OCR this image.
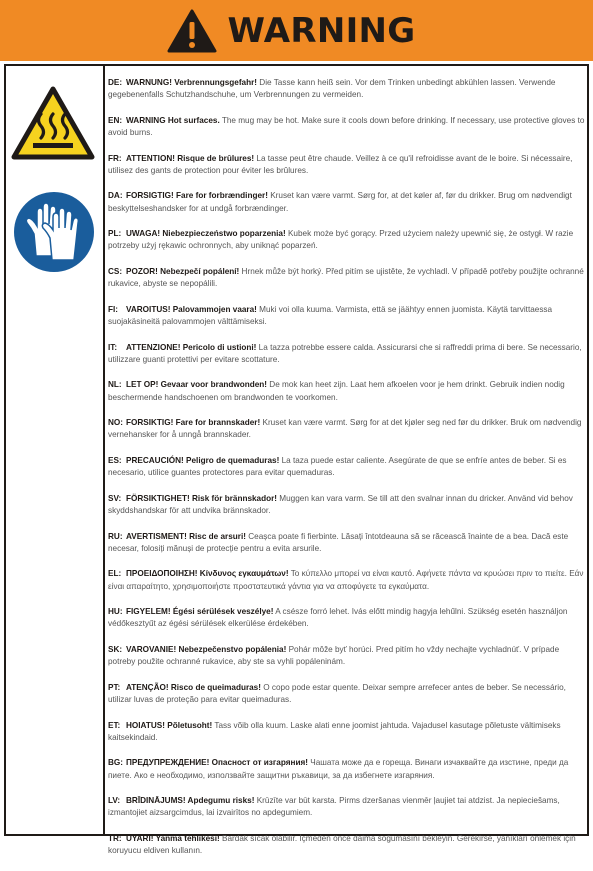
WARNING
DE: WARNUNG! Verbrennungsgefahr! Die Tasse kann heiß sein. Vor dem Trinken unbedingt abkühlen lassen. Verwende gegebenenfalls Schutzhandschuhe, um Verbrennungen zu vermeiden.
EN: WARNING Hot surfaces. The mug may be hot. Make sure it cools down before drinking. If necessary, use protective gloves to avoid burns.
FR: ATTENTION! Risque de brûlures! La tasse peut être chaude. Veillez à ce qu'il refroidisse avant de le boire. Si nécessaire, utilisez des gants de protection pour éviter les brûlures.
DA: FORSIGTIG! Fare for forbrændinger! Kruset kan være varmt. Sørg for, at det køler af, før du drikker. Brug om nødvendigt beskyttelseshandsker for at undgå forbrændinger.
PL: UWAGA! Niebezpieczeństwo poparzenia! Kubek może być gorący. Przed użyciem należy upewnić się, że ostygł. W razie potrzeby użyj rękawic ochronnych, aby uniknąć poparzeń.
CS: POZOR! Nebezpečí popálení! Hrnek může být horký. Před pitím se ujistěte, že vychladl. V případě potřeby použijte ochranné rukavice, abyste se nepopálili.
FI: VAROITUS! Palovammojen vaara! Muki voi olla kuuma. Varmista, että se jäähtyy ennen juomista. Käytä tarvittaessa suojakäsineitä palovammojen välttämiseksi.
IT: ATTENZIONE! Pericolo di ustioni! La tazza potrebbe essere calda. Assicurarsi che si raffreddi prima di bere. Se necessario, utilizzare guanti protettivi per evitare scottature.
NL: LET OP! Gevaar voor brandwonden! De mok kan heet zijn. Laat hem afkoelen voor je hem drinkt. Gebruik indien nodig beschermende handschoenen om brandwonden te voorkomen.
NO: FORSIKTIG! Fare for brannskader! Kruset kan være varmt. Sørg for at det kjøler seg ned før du drikker. Bruk om nødvendig vernehansker for å unngå brannskader.
ES: PRECAUCIÓN! Peligro de quemaduras! La taza puede estar caliente. Asegúrate de que se enfríe antes de beber. Si es necesario, utilice guantes protectores para evitar quemaduras.
SV: FÖRSIKTIGHET! Risk för brännskador! Muggen kan vara varm. Se till att den svalnar innan du dricker. Använd vid behov skyddshandskar för att undvika brännskador.
RU: AVERTISMENT! Risc de arsuri! Ceașca poate fi fierbinte. Lăsați întotdeauna să se răcească înainte de a bea. Dacă este necesar, folosiți mănuși de protecție pentru a evita arsurile.
EL: ΠΡΟΕΙΔΟΠΟΙΗΣΗ! Κίνδυνος εγκαυμάτων! Το κύπελλο μπορεί να είναι καυτό. Αφήνετε πάντα να κρυώσει πριν το πιείτε. Εάν είναι απαραίτητο, χρησιμοποιήστε προστατευτικά γάντια για να αποφύγετε τα εγκαύματα.
HU: FIGYELEM! Égési sérülések veszélye! A csésze forró lehet. Ivás előtt mindig hagyja lehűlni. Szükség esetén használjon védőkesztyűt az égési sérülések elkerülése érdekében.
SK: VAROVANIE! Nebezpečenstvo popálenia! Pohár môže byť horúci. Pred pitím ho vždy nechajte vychladnúť. V prípade potreby použite ochranné rukavice, aby ste sa vyhli popáleninám.
PT: ATENÇÃO! Risco de queimaduras! O copo pode estar quente. Deixar sempre arrefecer antes de beber. Se necessário, utilizar luvas de proteção para evitar queimaduras.
ET: HOIATUS! Põletusoht! Tass võib olla kuum. Laske alati enne joomist jahtuda. Vajadusel kasutage põletuste vältimiseks kaitsekindaid.
BG: ПРЕДУПРЕЖДЕНИЕ! Опасност от изгаряния! Чашата може да е гореща. Винаги изчаквайте да изстине, преди да пиете. Ако е необходимо, използвайте защитни ръкавици, за да избегнете изгаряния.
LV: BRĪDINĀJUMS! Apdegumu risks! Krūzīte var būt karsta. Pirms dzeršanas vienmēr ļaujiet tai atdzist. Ja nepieciešams, izmantojiet aizsargcimdus, lai izvairītos no apdegumiem.
TR: UYARI! Yanma tehlikesi! Bardak sıcak olabilir. İçmeden önce daima soğumasını bekleyin. Gerekirse, yanıkları önlemek için koruyucu eldiven kullanın.
